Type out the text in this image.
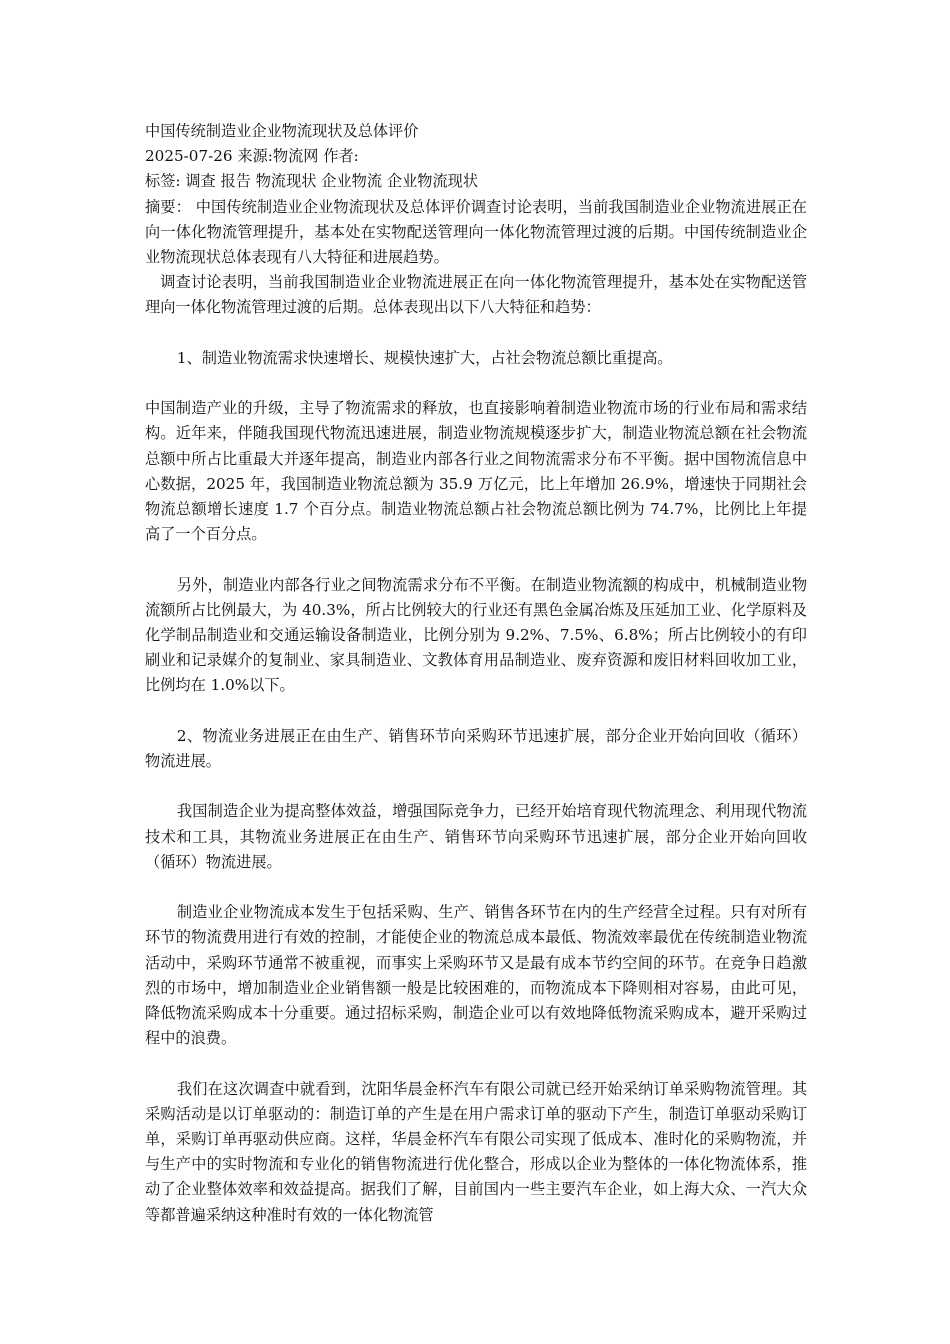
中国传统制造业企业物流现状及总体评价
2025-07-26 来源:物流网 作者:
标签: 调查 报告 物流现状 企业物流 企业物流现状

摘要： 中国传统制造业企业物流现状及总体评价调查讨论表明，当前我国制造业企业物流进展正在向一体化物流管理提升，基本处在实物配送管理向一体化物流管理过渡的后期。中国传统制造业企业物流现状总体表现有八大特征和进展趋势。

调查讨论表明，当前我国制造业企业物流进展正在向一体化物流管理提升，基本处在实物配送管理向一体化物流管理过渡的后期。总体表现出以下八大特征和趋势：

1、制造业物流需求快速增长、规模快速扩大，占社会物流总额比重提高。

中国制造产业的升级，主导了物流需求的释放，也直接影响着制造业物流市场的行业布局和需求结构。近年来，伴随我国现代物流迅速进展，制造业物流规模逐步扩大，制造业物流总额在社会物流总额中所占比重最大并逐年提高，制造业内部各行业之间物流需求分布不平衡。据中国物流信息中心数据，2025 年，我国制造业物流总额为 35.9 万亿元，比上年增加 26.9%，增速快于同期社会物流总额增长速度 1.7 个百分点。制造业物流总额占社会物流总额比例为 74.7%，比例比上年提高了一个百分点。

另外，制造业内部各行业之间物流需求分布不平衡。在制造业物流额的构成中，机械制造业物流额所占比例最大，为 40.3%，所占比例较大的行业还有黑色金属冶炼及压延加工业、化学原料及化学制品制造业和交通运输设备制造业，比例分别为 9.2%、7.5%、6.8%；所占比例较小的有印刷业和记录媒介的复制业、家具制造业、文教体育用品制造业、废弃资源和废旧材料回收加工业，比例均在 1.0%以下。

2、物流业务进展正在由生产、销售环节向采购环节迅速扩展，部分企业开始向回收（循环）物流进展。

我国制造企业为提高整体效益，增强国际竞争力，已经开始培育现代物流理念、利用现代物流技术和工具，其物流业务进展正在由生产、销售环节向采购环节迅速扩展，部分企业开始向回收（循环）物流进展。

制造业企业物流成本发生于包括采购、生产、销售各环节在内的生产经营全过程。只有对所有环节的物流费用进行有效的控制，才能使企业的物流总成本最低、物流效率最优在传统制造业物流活动中，采购环节通常不被重视，而事实上采购环节又是最有成本节约空间的环节。在竞争日趋激烈的市场中，增加制造业企业销售额一般是比较困难的，而物流成本下降则相对容易，由此可见，降低物流采购成本十分重要。通过招标采购，制造企业可以有效地降低物流采购成本，避开采购过程中的浪费。

我们在这次调查中就看到，沈阳华晨金杯汽车有限公司就已经开始采纳订单采购物流管理。其采购活动是以订单驱动的：制造订单的产生是在用户需求订单的驱动下产生，制造订单驱动采购订单，采购订单再驱动供应商。这样，华晨金杯汽车有限公司实现了低成本、准时化的采购物流，并与生产中的实时物流和专业化的销售物流进行优化整合，形成以企业为整体的一体化物流体系，推动了企业整体效率和效益提高。据我们了解，目前国内一些主要汽车企业，如上海大众、一汽大众等都普遍采纳这种准时有效的一体化物流管
